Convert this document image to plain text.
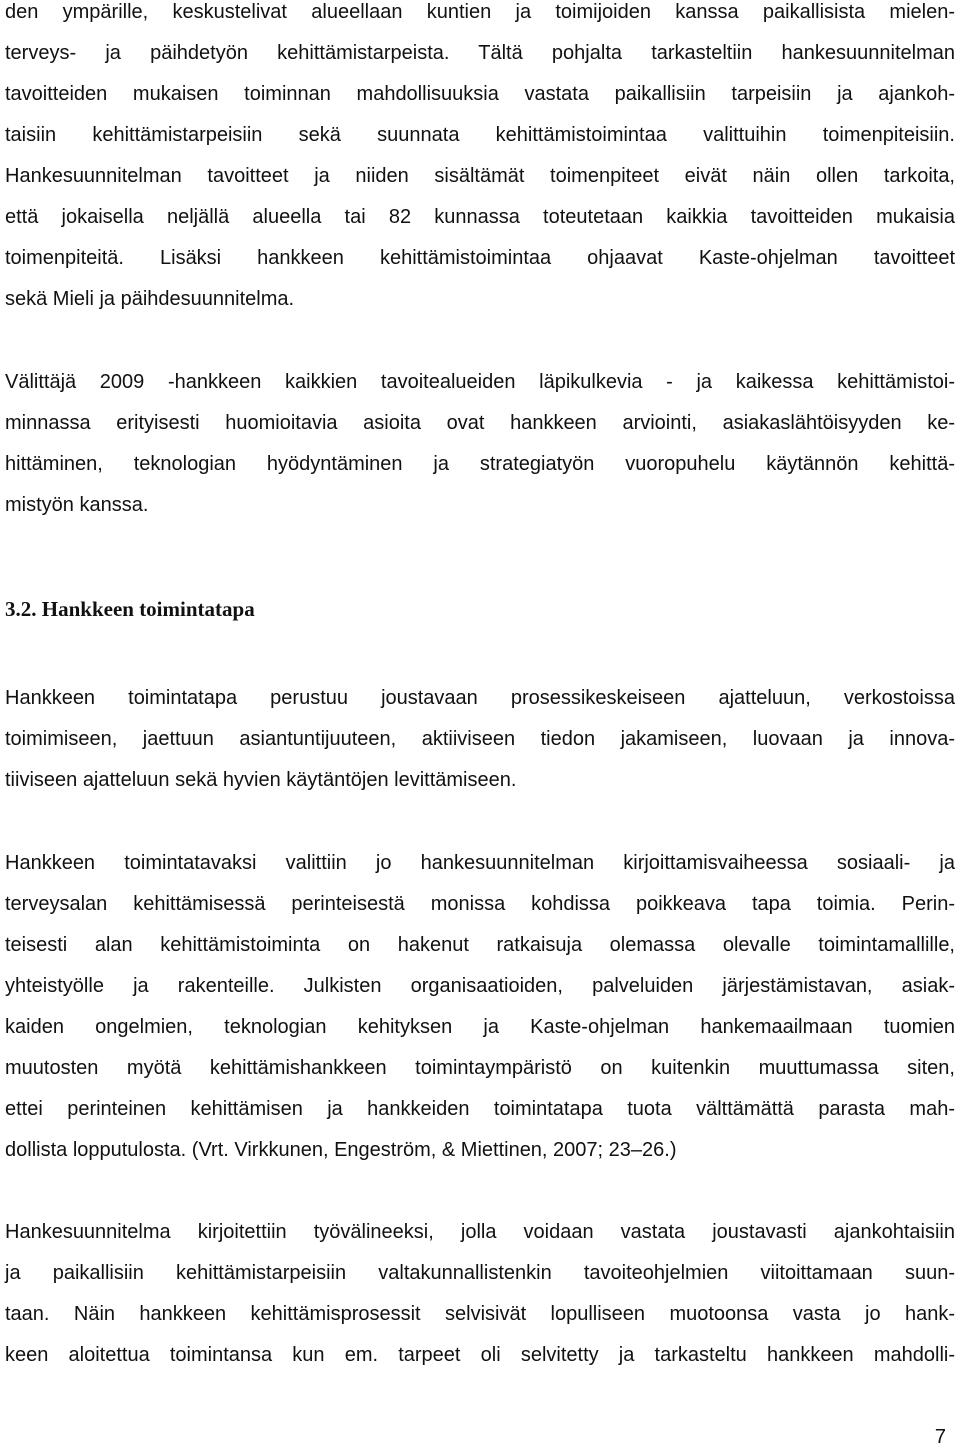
den ympärille, keskustelivat alueellaan kuntien ja toimijoiden kanssa paikallisista mielen-
terveys- ja päihdetyön kehittämistarpeista. Tältä pohjalta tarkasteltiin hankesuunnitelman
tavoitteiden mukaisen toiminnan mahdollisuuksia vastata paikallisiin tarpeisiin ja ajankoh-
taisiin kehittämistarpeisiin sekä suunnata kehittämistoimintaa valittuihin toimenpiteisiin.
Hankesuunnitelman tavoitteet ja niiden sisältämät toimenpiteet eivät näin ollen tarkoita,
että jokaisella neljällä alueella tai 82 kunnassa toteutetaan kaikkia tavoitteiden mukaisia
toimenpiteitä. Lisäksi hankkeen kehittämistoimintaa ohjaavat Kaste-ohjelman tavoitteet
sekä Mieli ja päihdesuunnitelma.
Välittäjä 2009 -hankkeen kaikkien tavoitealueiden läpikulkevia - ja kaikessa kehittämistoi-
minnassa erityisesti huomioitavia asioita ovat hankkeen arviointi, asiakaslähtöisyyden ke-
hittäminen, teknologian hyödyntäminen ja strategiatyön vuoropuhelu käytännön kehittä-
mistyön kanssa.
3.2. Hankkeen toimintatapa
Hankkeen toimintatapa perustuu joustavaan prosessikeskeiseen ajatteluun, verkostoissa
toimimiseen, jaettuun asiantuntijuuteen, aktiiviseen tiedon jakamiseen, luovaan ja innova-
tiiviseen ajatteluun sekä hyvien käytäntöjen levittämiseen.
Hankkeen toimintatavaksi valittiin jo hankesuunnitelman kirjoittamisvaiheessa sosiaali- ja
terveysalan kehittämisessä perinteisestä monissa kohdissa poikkeava tapa toimia. Perin-
teisesti alan kehittämistoiminta on hakenut ratkaisuja olemassa olevalle toimintamallille,
yhteistyölle ja rakenteille. Julkisten organisaatioiden, palveluiden järjestämistavan, asiak-
kaiden ongelmien, teknologian kehityksen ja Kaste-ohjelman hankemaailmaan tuomien
muutosten myötä kehittämishankkeen toimintaympäristö on kuitenkin muuttumassa siten,
ettei perinteinen kehittämisen ja hankkeiden toimintatapa tuota välttämättä parasta mah-
dollista lopputulosta. (Vrt. Virkkunen, Engeström, & Miettinen, 2007; 23–26.)
Hankesuunnitelma kirjoitettiin työvälineeksi, jolla voidaan vastata joustavasti ajankohtaisiin
ja paikallisiin kehittämistarpeisiin valtakunnallistenkin tavoiteohjelmien viitoittamaan suun-
taan. Näin hankkeen kehittämisprosessit selvisivät lopulliseen muotoonsa vasta jo hank-
keen aloitettua toimintansa kun em. tarpeet oli selvitetty ja tarkasteltu hankkeen mahdolli-
7
